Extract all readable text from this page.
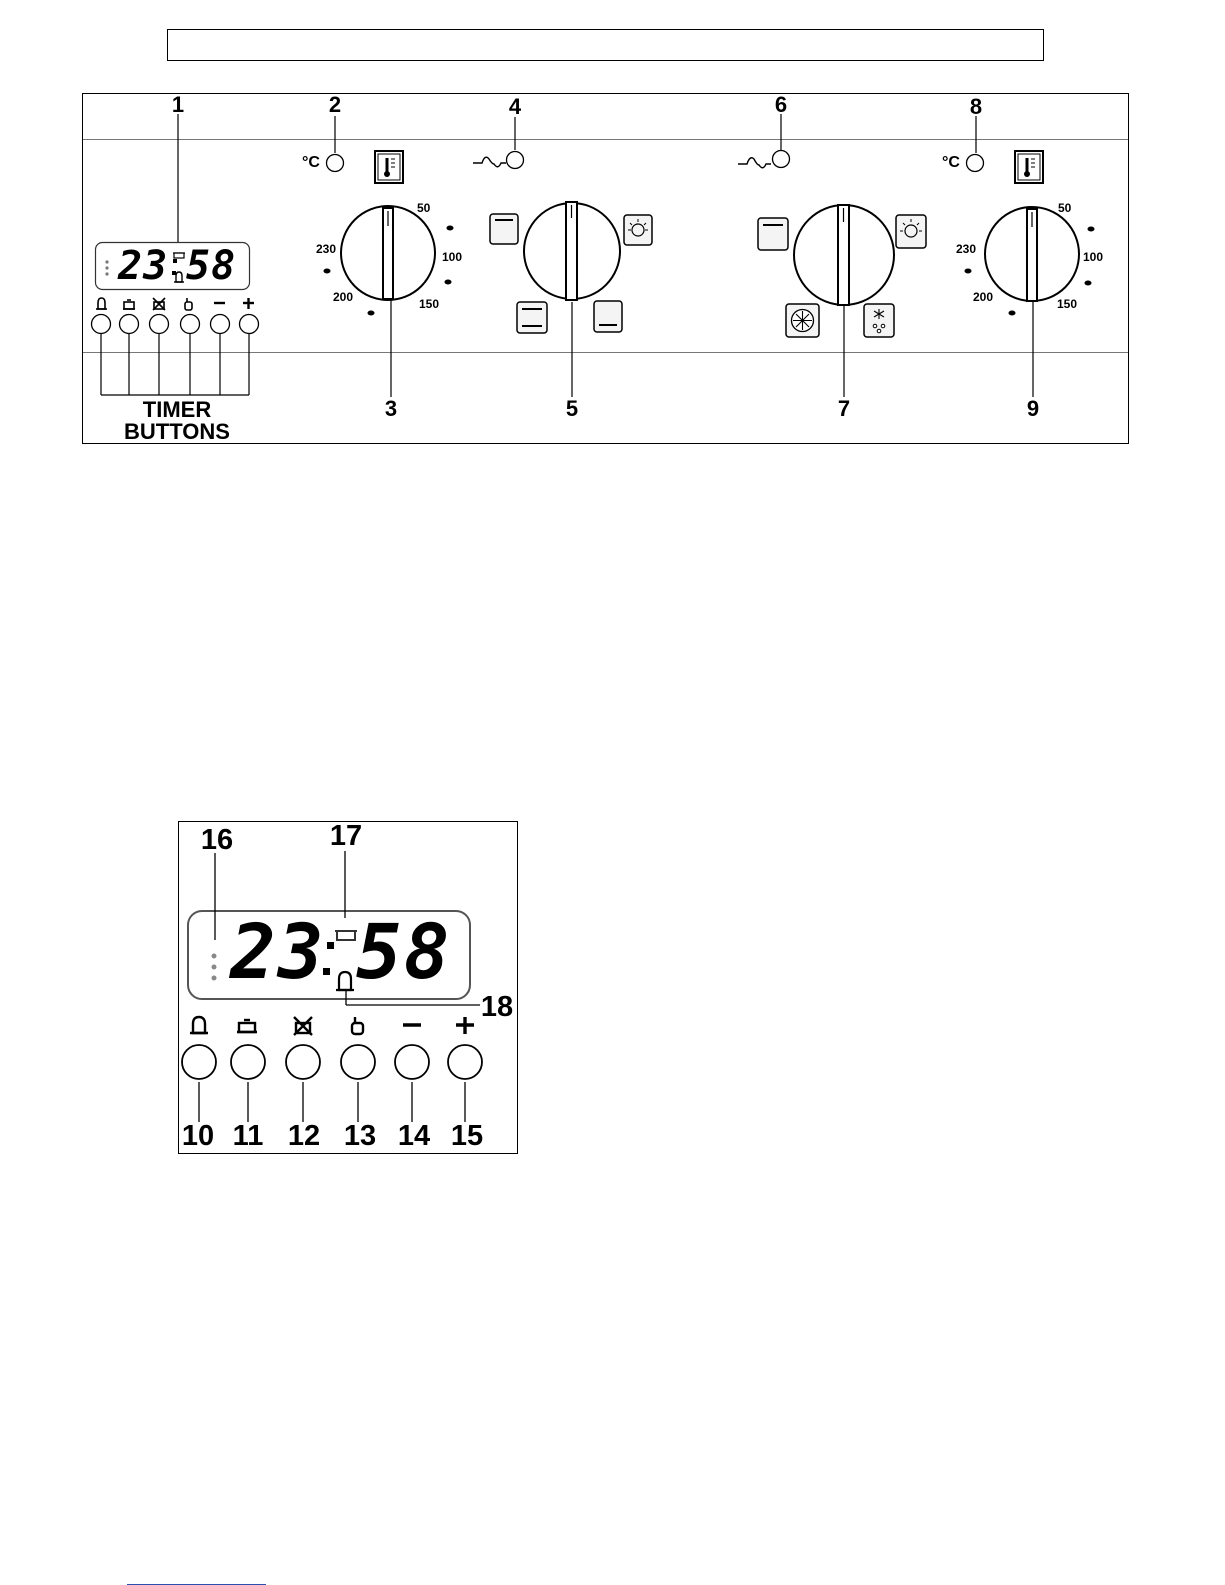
1	2
3
4
5
6
7
8
9
TIMER
BUTTONS
23 58
°C
50
100
150
200
230
°C
50
100
150
200
230
16	17
18
23 58
10 11 12 13 14 15
